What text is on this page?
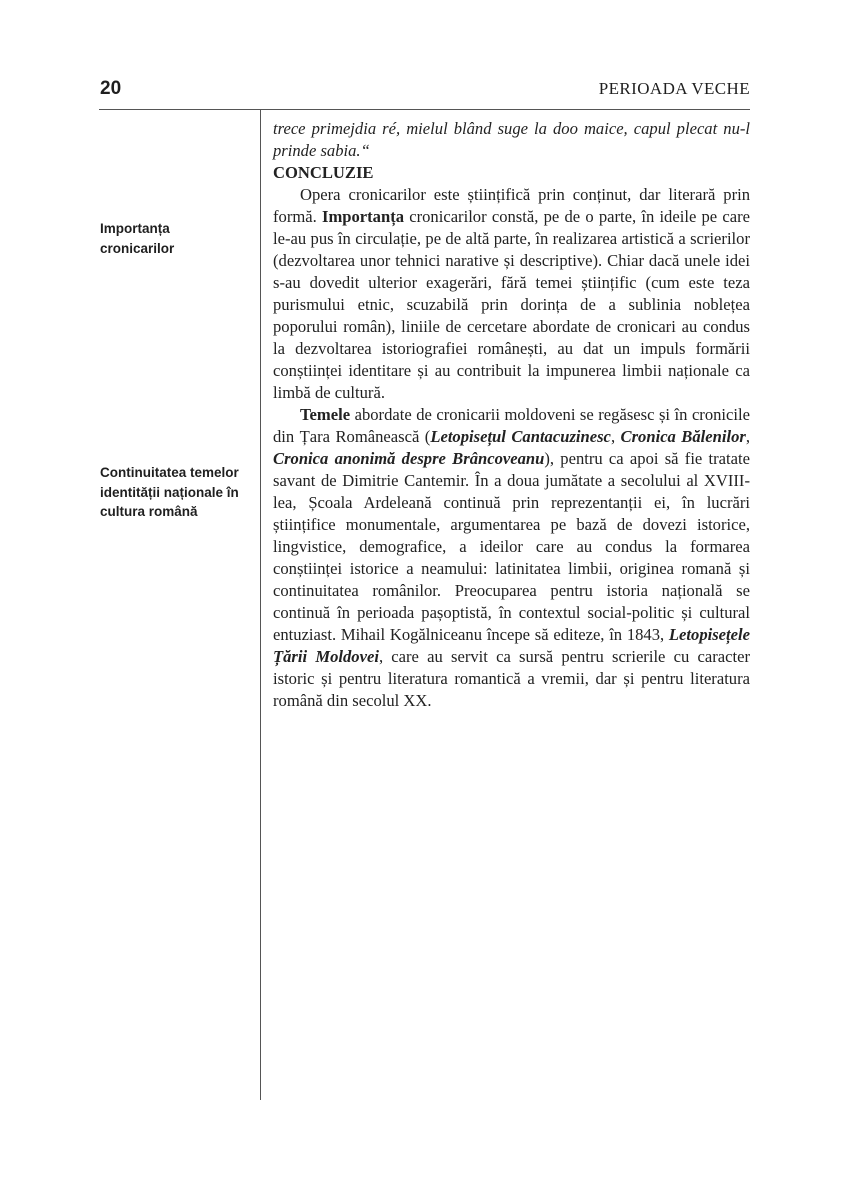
20	PERIOADA VECHE
Importanța cronicarilor
Continuitatea temelor identității naționale în cultura română

trece primejdia ré, mielul blând suge la doo maice, capul plecat nu-l prinde sabia.“

CONCLUZIE

Opera cronicarilor este științifică prin conținut, dar literară prin formă. Importanța cronicarilor constă, pe de o parte, în ideile pe care le-au pus în circulație, pe de altă parte, în realizarea artistică a scrierilor (dezvoltarea unor tehnici narative și descriptive). Chiar dacă unele idei s-au dovedit ulterior exagerări, fără temei științific (cum este teza purismului etnic, scuzabilă prin dorința de a sublinia noblețea poporului român), liniile de cercetare abordate de cronicari au condus la dezvoltarea istoriografiei românești, au dat un impuls formării conștiinței identitare și au contribuit la impunerea limbii naționale ca limbă de cultură.

Temele abordate de cronicarii moldoveni se regăsesc și în cronicile din Țara Românească (Letopisețul Cantacuzinesc, Cronica Bălenilor, Cronica anonimă despre Brâncoveanu), pentru ca apoi să fie tratate savant de Dimitrie Cantemir. În a doua jumătate a secolului al XVIII-lea, Școala Ardeleană continuă prin reprezentanții ei, în lucrări științifice monumentale, argumentarea pe bază de dovezi istorice, lingvistice, demografice, a ideilor care au condus la formarea conștiinței istorice a neamului: latinitatea limbii, originea romană și continuitatea românilor. Preocuparea pentru istoria națională se continuă în perioada pașoptistă, în contextul social-politic și cultural entuziast. Mihail Kogălniceanu începe să editeze, în 1843, Letopisețele Țării Moldovei, care au servit ca sursă pentru scrierile cu caracter istoric și pentru literatura romantică a vremii, dar și pentru literatura română din secolul XX.
